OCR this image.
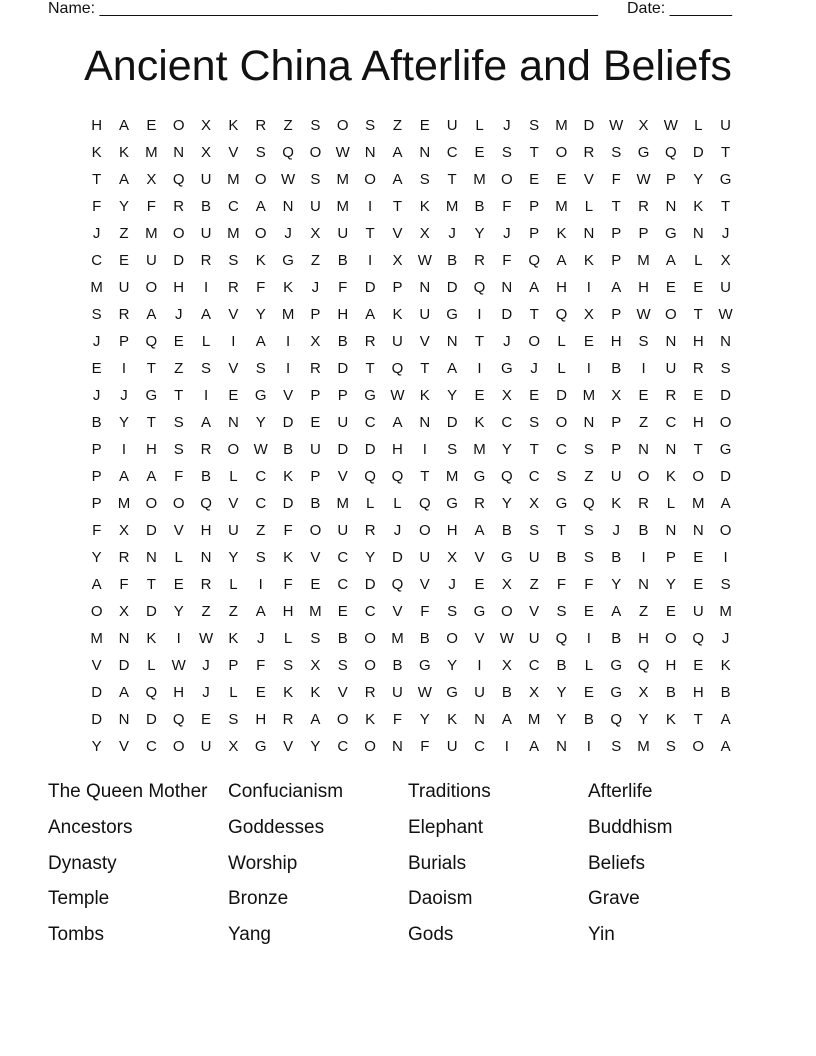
Name: ________________________________________________________ Date: _______
Ancient China Afterlife and Beliefs
H	A	E	O	X	K	R	Z	S	O	S	Z	E	U	L	J	S	M	D W	X	W	L	U
K	K	M	N	X	V	S	Q	O W N	A	N	C	E	S	T	O	R	S	G	Q	D	T
T	A	X	Q	U	M	O W	S	M	O	A	S	T	M	O	E	E	V	F	W	P	Y	G
F	Y	F	R	B	C	A	N	U	M	I	T	K	M	B	F	P	M	L	T	R	N	K	T
J	Z	M	O	U	M	O	J	X	U	T	V	X	J	Y	J	P	K	N	P	P	G	N	J
C	E	U	D	R	S	K	G	Z	B	I	X	W	B	R	F	Q	A	K	P	M	A	L	X
M	U	O	H	I	R	F	K	J	F	D	P	N	D	Q	N	A	H	I	A	H	E	E	U
S	R	A	J	A	V	Y	M	P	H	A	K	U	G	I	D	T	Q	X	P	W O	T	W
J	P	Q	E	L	I	A	I	X	B	R	U	V	N	T	J	O	L	E	H	S	N	H	N
E	I	T	Z	S	V	S	I	R	D	T	Q	T	A	I	G	J	L	I	B	I	U	R	S
J	J	G	T	I	E	G	V	P	P	G W	K	Y	E	X	E	D	M	X	E	R	E	D
B	Y	T	S	A	N	Y	D	E	U	C	A	N	D	K	C	S	O	N	P	Z	C	H	O
P	I	H	S	R	O W	B	U	D	D	H	I	S	M	Y	T	C	S	P	N	N	T	G
P	A	A	F	B	L	C	K	P	V	Q	Q	T	M	G	Q	C	S	Z	U	O	K	O	D
P	M	O	O	Q	V	C	D	B	M	L	L	Q	G	R	Y	X	G	Q	K	R	L	M	A
F	X	D	V	H	U	Z	F	O	U	R	J	O	H	A	B	S	T	S	J	B	N	N	O
Y	R	N	L	N	Y	S	K	V	C	Y	D	U	X	V	G	U	B	S	B	I	P	E	I
A	F	T	E	R	L	I	F	E	C	D	Q	V	J	E	X	Z	F	F	Y	N	Y	E	S
O	X	D	Y	Z	Z	A	H	M	E	C	V	F	S	G	O	V	S	E	A	Z	E	U	M
M	N	K	I	W	K	J	L	S	B	O	M	B	O	V	W U	Q	I	B	H	O	Q	J
V	D	L	W	J	P	F	S	X	S	O	B	G	Y	I	X	C	B	L	G	Q	H	E	K
D	A	Q	H	J	L	E	K	K	V	R	U W G	U	B	X	Y	E	G	X	B	H	B
D	N	D	Q	E	S	H	R	A	O	K	F	Y	K	N	A	M	Y	B	Q	Y	K	T	A
Y	V	C	O	U	X	G	V	Y	C	O	N	F	U	C	I	A	N	I	S	M	S	O	A
The Queen Mother	Confucianism	Traditions	Afterlife
Ancestors	Goddesses	Elephant	Buddhism
Dynasty	Worship	Burials	Beliefs
Temple	Bronze	Daoism	Grave
Tombs	Yang	Gods	Yin
